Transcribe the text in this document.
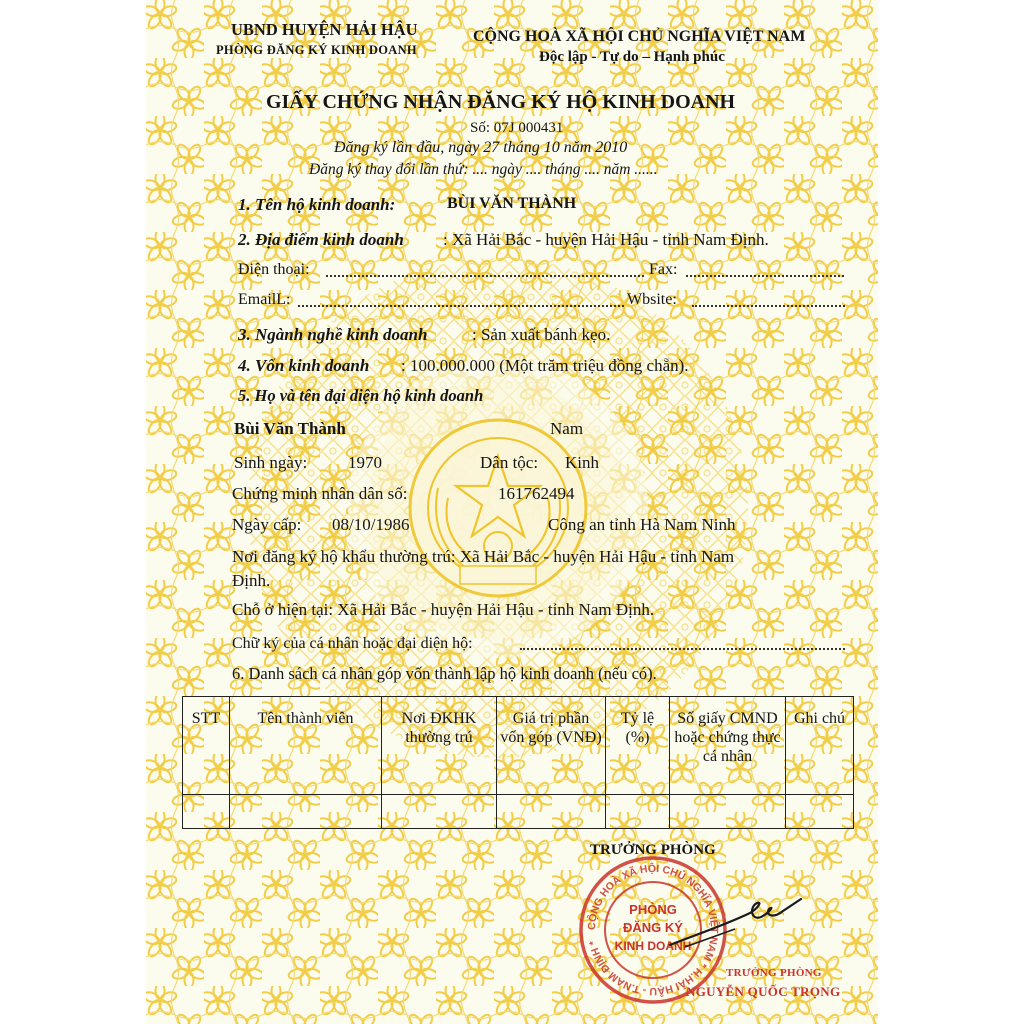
UBND HUYỆN HẢI HẬU
PHÒNG ĐĂNG KÝ KINH DOANH
CỘNG HOÀ XÃ HỘI CHỦ NGHĨA VIỆT NAM
Độc lập - Tự do – Hạnh phúc
GIẤY CHỨNG NHẬN ĐĂNG KÝ HỘ KINH DOANH
Số: 07J 000431
Đăng ký lần đầu, ngày 27 tháng 10 năm 2010
Đăng ký thay đổi lần thứ: .... ngày .... tháng .... năm ......
1. Tên hộ kinh doanh:	BÙI VĂN THÀNH
2. Địa điểm kinh doanh : Xã Hải Bắc - huyện Hải Hậu - tỉnh Nam Định.
Điện thoại:	Fax:
EmailL:	Wbsite:
3. Ngành nghề kinh doanh	: Sản xuất bánh kẹo.
4. Vốn kinh doanh : 100.000.000 (Một trăm triệu đồng chẵn).
5. Họ và tên đại diện hộ kinh doanh
Bùi Văn Thành	Nam
Sinh ngày: 1970	Dân tộc: Kinh
Chứng minh nhân dân số:	161762494
Ngày cấp: 08/10/1986	Công an tỉnh Hà Nam Ninh
Nơi đăng ký hộ khẩu thường trú: Xã Hải Bắc - huyện Hải Hậu - tỉnh Nam
Định.
Chỗ ở hiện tại: Xã Hải Bắc - huyện Hải Hậu - tỉnh Nam Định.
Chữ ký của cá nhân hoặc đại diện hộ:
6. Danh sách cá nhân góp vốn thành lập hộ kinh doanh (nếu có).
STT	Tên thành viên	Nơi ĐKHK thường trú	Giá trị phần vốn góp (VNĐ)	Tỷ lệ (%)	Số giấy CMND hoặc chứng thực cá nhân	Ghi chú

TRƯỞNG PHÒNG
CỘNG HOÀ XÃ HỘI CHỦ NGHĨA VIỆT NAM * H.HẢI HẬU - T.NAM ĐỊNH *
PHÒNG
ĐĂNG KÝ
KINH DOANH
TRƯỞNG PHÒNG
NGUYỄN QUỐC TRỌNG
